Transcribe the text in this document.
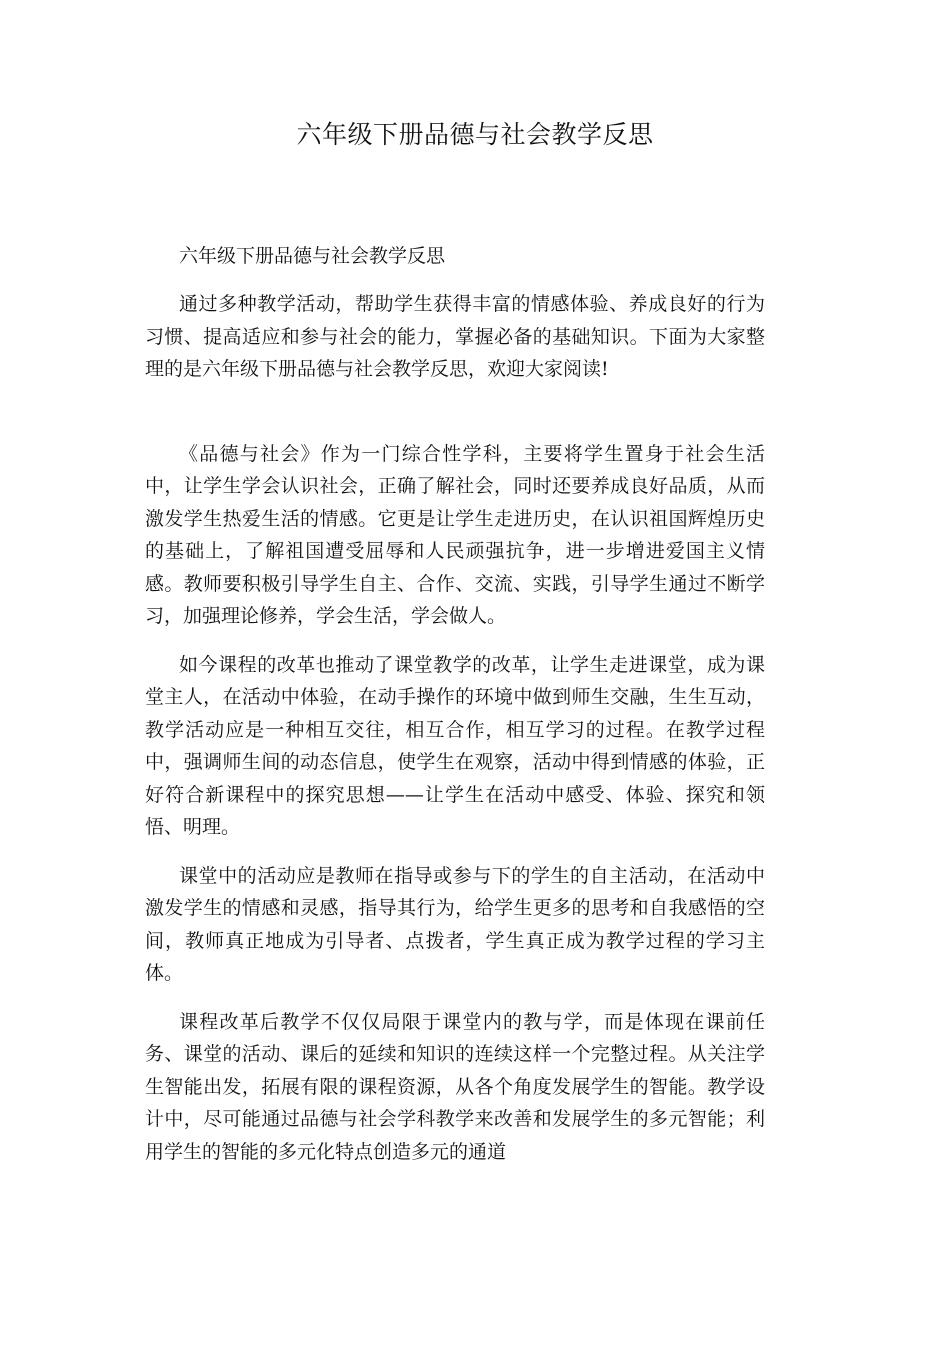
六年级下册品德与社会教学反思

六年级下册品德与社会教学反思

通过多种教学活动，帮助学生获得丰富的情感体验、养成良好的行为习惯、提高适应和参与社会的能力，掌握必备的基础知识。下面为大家整理的是六年级下册品德与社会教学反思，欢迎大家阅读!

《品德与社会》作为一门综合性学科，主要将学生置身于社会生活中，让学生学会认识社会，正确了解社会，同时还要养成良好品质，从而激发学生热爱生活的情感。它更是让学生走进历史，在认识祖国辉煌历史的基础上，了解祖国遭受屈辱和人民顽强抗争，进一步增进爱国主义情感。教师要积极引导学生自主、合作、交流、实践，引导学生通过不断学习，加强理论修养，学会生活，学会做人。

如今课程的改革也推动了课堂教学的改革，让学生走进课堂，成为课堂主人，在活动中体验，在动手操作的环境中做到师生交融，生生互动，教学活动应是一种相互交往，相互合作，相互学习的过程。在教学过程中，强调师生间的动态信息，使学生在观察，活动中得到情感的体验，正好符合新课程中的探究思想——让学生在活动中感受、体验、探究和领悟、明理。

课堂中的活动应是教师在指导或参与下的学生的自主活动，在活动中激发学生的情感和灵感，指导其行为，给学生更多的思考和自我感悟的空间，教师真正地成为引导者、点拨者，学生真正成为教学过程的学习主体。

课程改革后教学不仅仅局限于课堂内的教与学，而是体现在课前任务、课堂的活动、课后的延续和知识的连续这样一个完整过程。从关注学生智能出发，拓展有限的课程资源，从各个角度发展学生的智能。教学设计中，尽可能通过品德与社会学科教学来改善和发展学生的多元智能；利用学生的智能的多元化特点创造多元的通道
